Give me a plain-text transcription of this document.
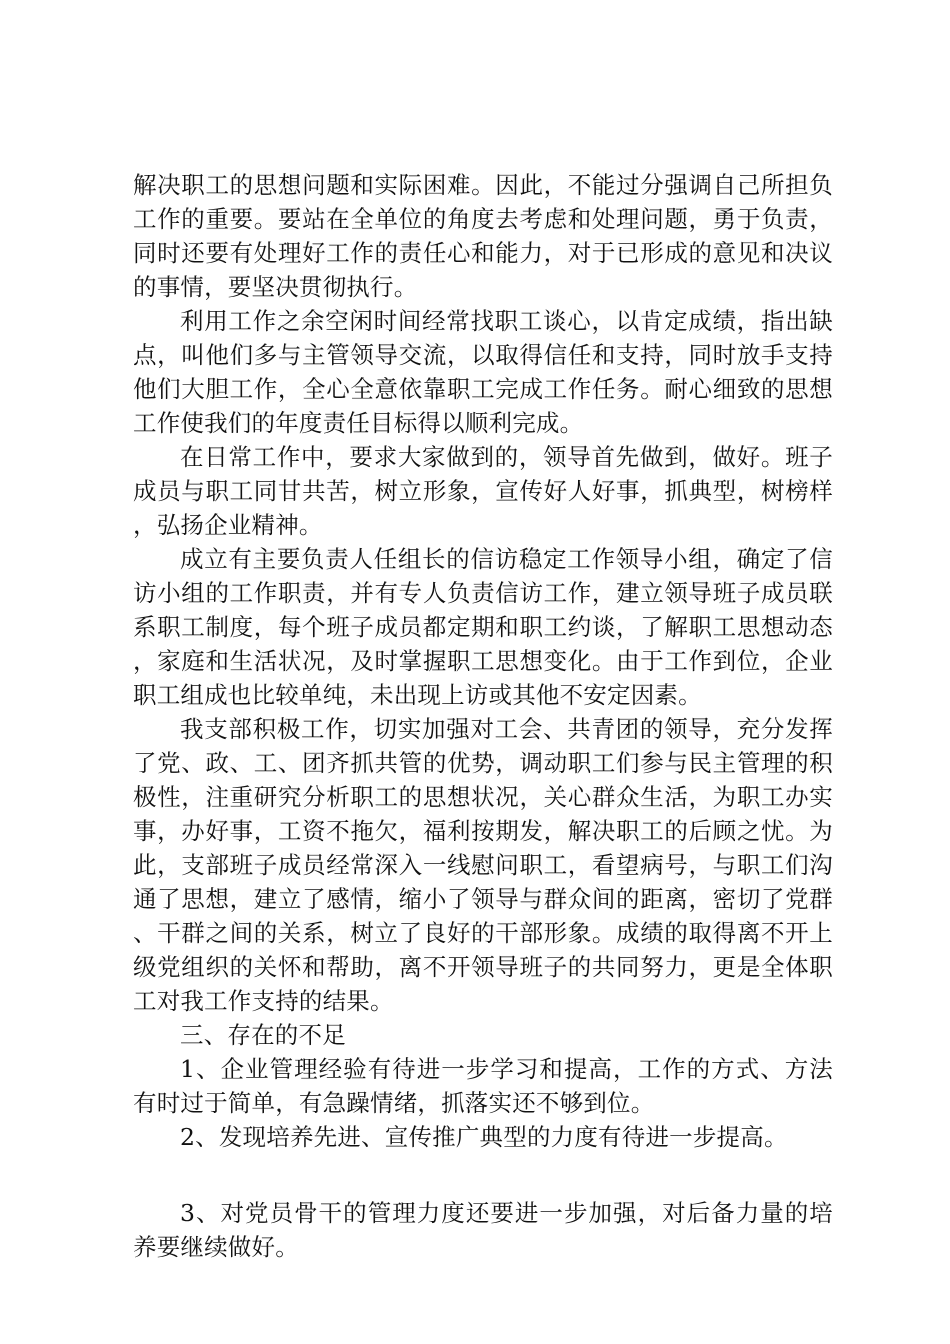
解决职工的思想问题和实际困难。因此，不能过分强调自己所担负工作的重要。要站在全单位的角度去考虑和处理问题，勇于负责，同时还要有处理好工作的责任心和能力，对于已形成的意见和决议的事情，要坚决贯彻执行。

利用工作之余空闲时间经常找职工谈心，以肯定成绩，指出缺点，叫他们多与主管领导交流，以取得信任和支持，同时放手支持他们大胆工作，全心全意依靠职工完成工作任务。耐心细致的思想工作使我们的年度责任目标得以顺利完成。

在日常工作中，要求大家做到的，领导首先做到，做好。班子成员与职工同甘共苦，树立形象，宣传好人好事，抓典型，树榜样，弘扬企业精神。

成立有主要负责人任组长的信访稳定工作领导小组，确定了信访小组的工作职责，并有专人负责信访工作，建立领导班子成员联系职工制度，每个班子成员都定期和职工约谈，了解职工思想动态，家庭和生活状况，及时掌握职工思想变化。由于工作到位，企业职工组成也比较单纯，未出现上访或其他不安定因素。

我支部积极工作，切实加强对工会、共青团的领导，充分发挥了党、政、工、团齐抓共管的优势，调动职工们参与民主管理的积极性，注重研究分析职工的思想状况，关心群众生活，为职工办实事，办好事，工资不拖欠，福利按期发，解决职工的后顾之忧。为此，支部班子成员经常深入一线慰问职工，看望病号，与职工们沟通了思想，建立了感情，缩小了领导与群众间的距离，密切了党群、干群之间的关系，树立了良好的干部形象。成绩的取得离不开上级党组织的关怀和帮助，离不开领导班子的共同努力，更是全体职工对我工作支持的结果。

三、存在的不足

1、企业管理经验有待进一步学习和提高，工作的方式、方法有时过于简单，有急躁情绪，抓落实还不够到位。

2、发现培养先进、宣传推广典型的力度有待进一步提高。

3、对党员骨干的管理力度还要进一步加强，对后备力量的培养要继续做好。
